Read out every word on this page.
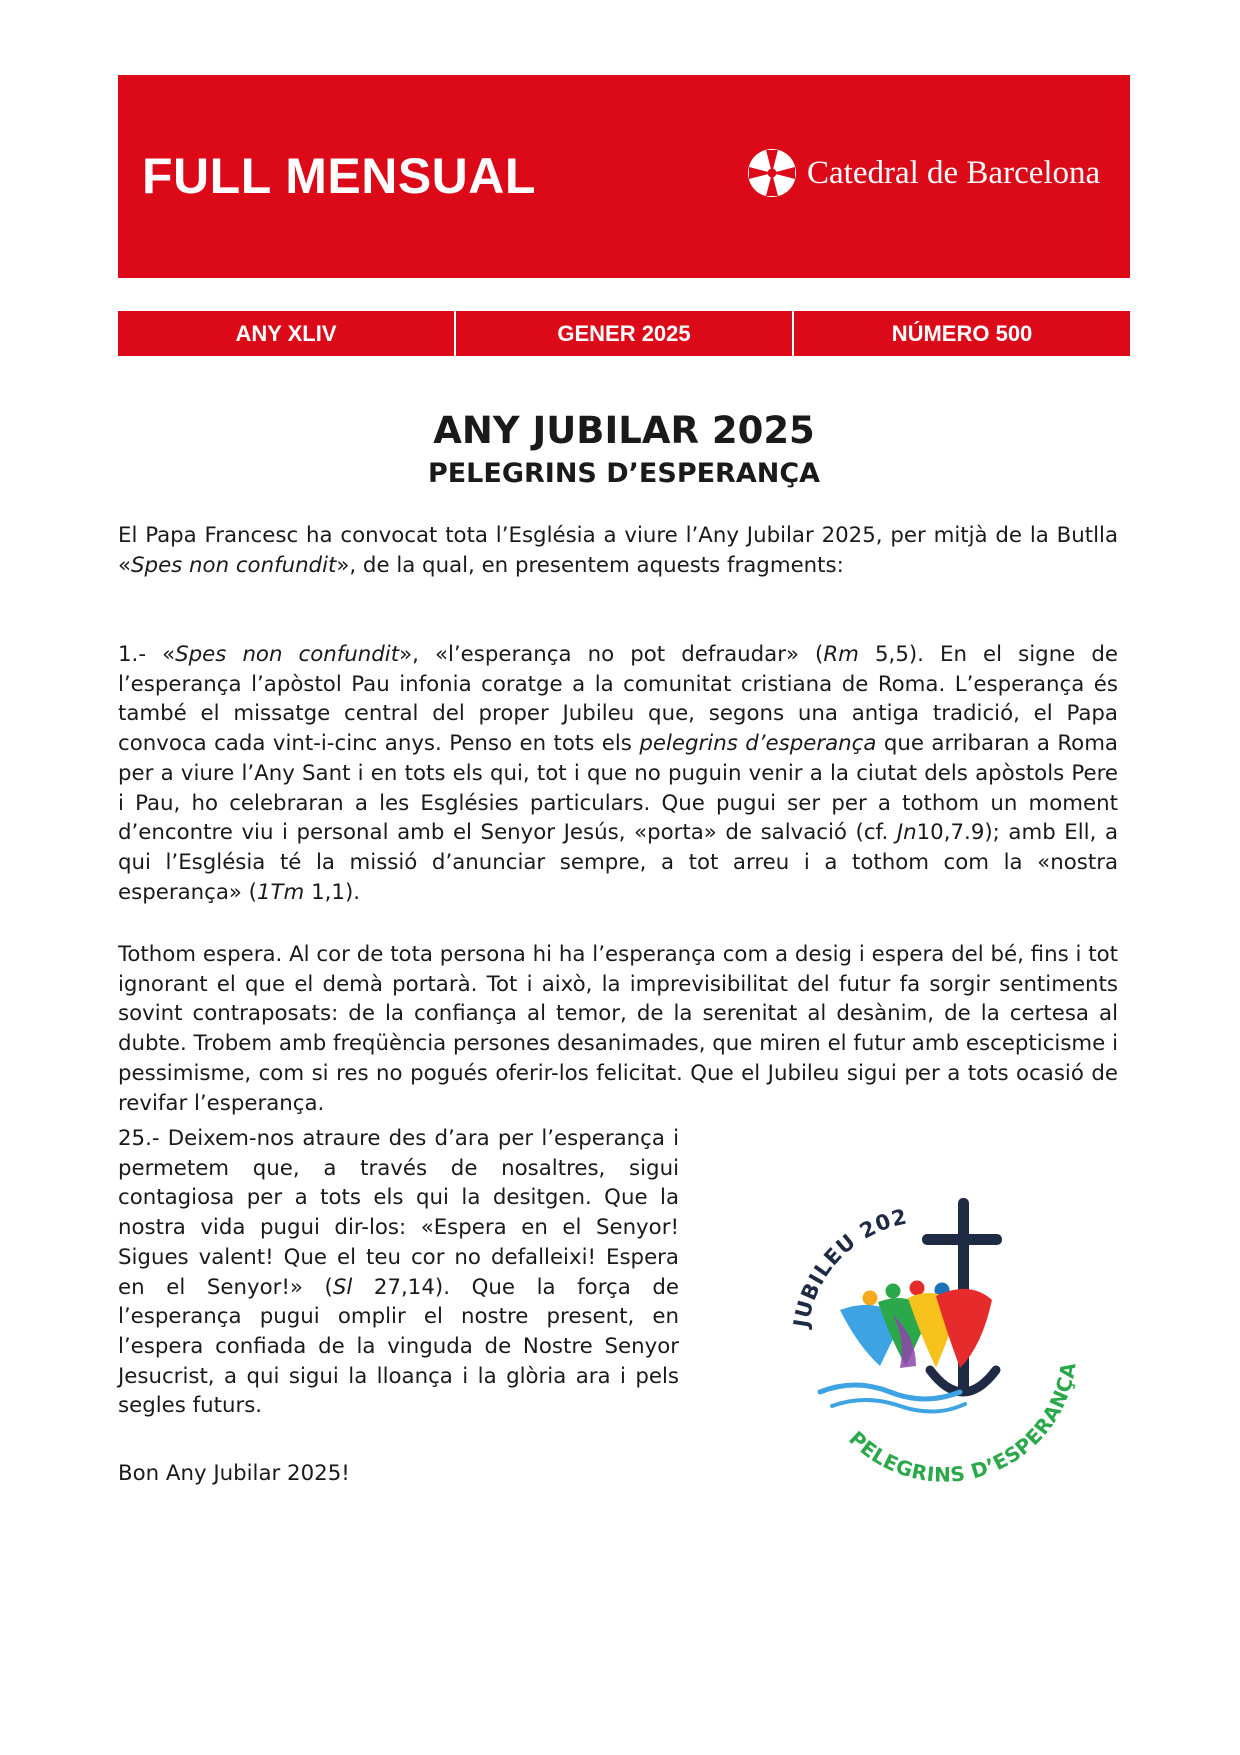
FULL MENSUAL	Catedral de Barcelona
ANY XLIV	GENER 2025	NÚMERO 500
ANY JUBILAR 2025
PELEGRINS D’ESPERANÇA

El Papa Francesc ha convocat tota l’Església a viure l’Any Jubilar 2025, per mitjà de la Butlla «Spes non confundit», de la qual, en presentem aquests fragments:

1.- «Spes non confundit», «l’esperança no pot defraudar» (Rm 5,5). En el signe de l’esperança l’apòstol Pau infonia coratge a la comunitat cristiana de Roma. L’esperança és també el missatge central del proper Jubileu que, segons una antiga tradició, el Papa convoca cada vint-i-cinc anys. Penso en tots els pelegrins d’esperança que arribaran a Roma per a viure l’Any Sant i en tots els qui, tot i que no puguin venir a la ciutat dels apòstols Pere i Pau, ho celebraran a les Esglésies particulars. Que pugui ser per a tothom un moment d’encontre viu i personal amb el Senyor Jesús, «porta» de salvació (cf. Jn10,7.9); amb Ell, a qui l’Església té la missió d’anunciar sempre, a tot arreu i a tothom com la «nostra esperança» (1Tm 1,1).

Tothom espera. Al cor de tota persona hi ha l’esperança com a desig i espera del bé, fins i tot ignorant el que el demà portarà. Tot i això, la imprevisibilitat del futur fa sorgir sentiments sovint contraposats: de la confiança al temor, de la serenitat al desànim, de la certesa al dubte. Trobem amb freqüència persones desanimades, que miren el futur amb escepticisme i pessimisme, com si res no pogués oferir-los felicitat. Que el Jubileu sigui per a tots ocasió de revifar l’esperança.

25.- Deixem-nos atraure des d’ara per l’esperança i permetem que, a través de nosaltres, sigui contagiosa per a tots els qui la desitgen. Que la nostra vida pugui dir-los: «Espera en el Senyor! Sigues valent! Que el teu cor no defalleixi! Espera en el Senyor!» (Sl 27,14). Que la força de l’esperança pugui omplir el nostre present, en l’espera confiada de la vinguda de Nostre Senyor Jesucrist, a qui sigui la lloança i la glòria ara i pels segles futurs.

Bon Any Jubilar 2025!

JUBILEU 202
PELEGRINS D’ESPERANÇA
